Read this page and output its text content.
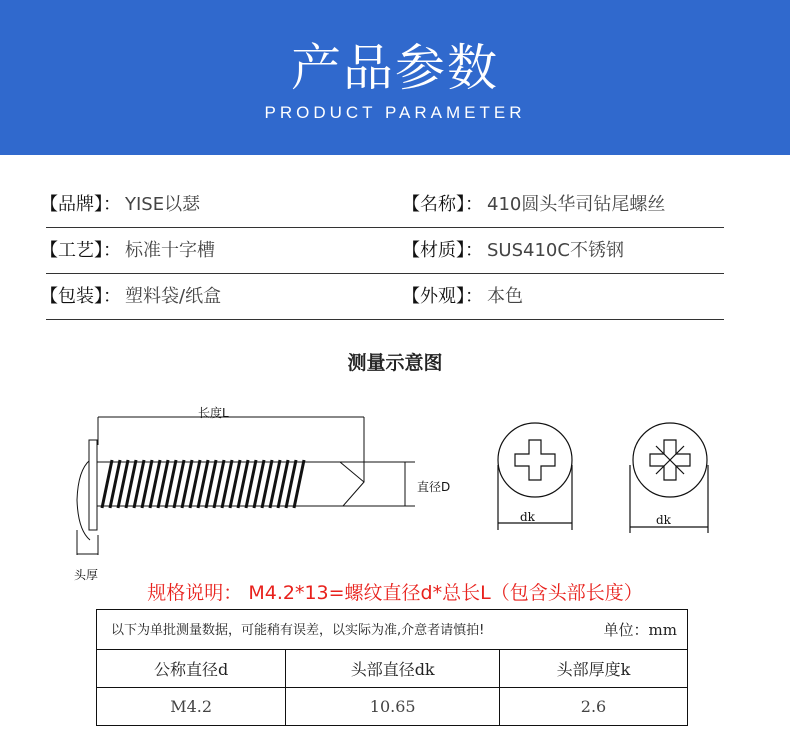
产品参数
PRODUCT PARAMETER
【品牌】： YISE以瑟	【名称】： 410圆头华司钻尾螺丝
【工艺】： 标准十字槽	【材质】： SUS410C不锈钢
【包装】： 塑料袋/纸盒	【外观】： 本色
测量示意图
长度L
直径D
头厚
dk	dk
规格说明： M4.2*13=螺纹直径d*总长L（包含头部长度）
以下为单批测量数据，可能稍有误差，以实际为准,介意者请慎拍! 单位：mm		

公称直径d	头部直径dk	头部厚度k
M4.2	10.65	2.6
